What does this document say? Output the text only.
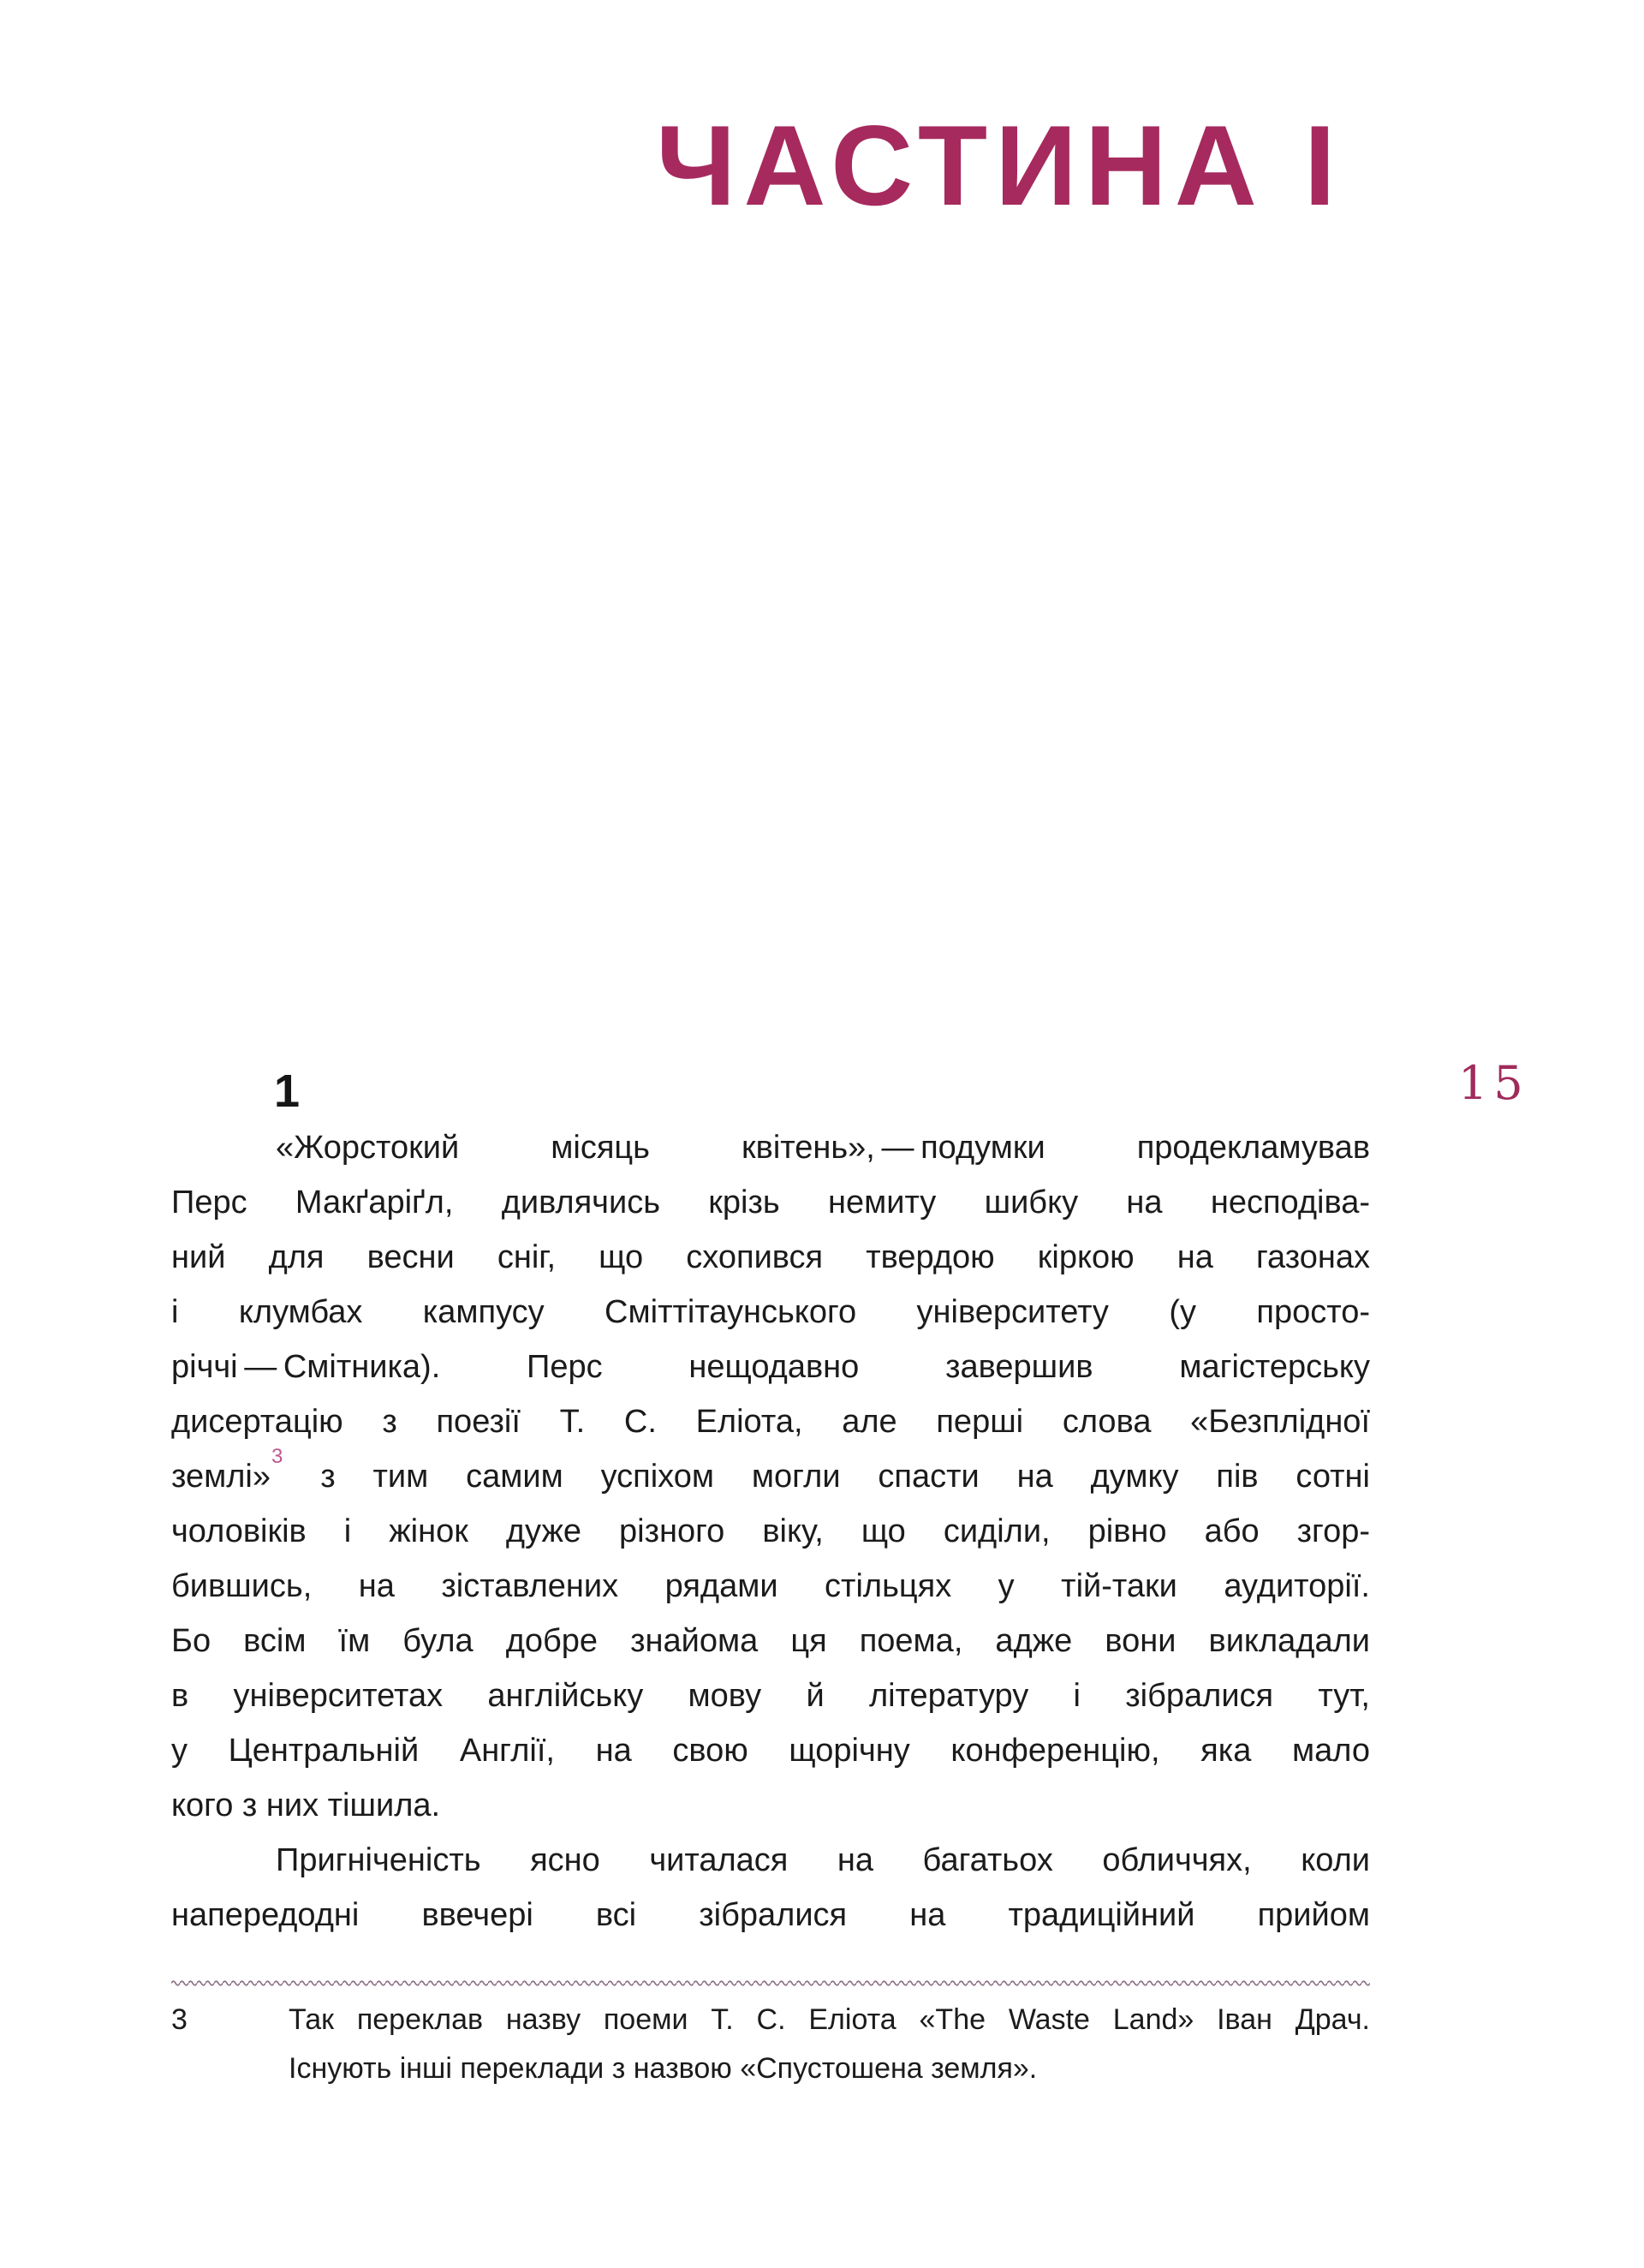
ЧАСТИНА І
1	15
«Жорстокий місяць квітень», — подумки продекламував
Перс Макґаріґл, дивлячись крізь немиту шибку на несподіва-
ний для весни сніг, що схопився твердою кіркою на газонах
і клумбах кампусу Сміттітаунського університету (у просто-
річчі — Смітника). Перс нещодавно завершив магістерську
дисертацію з поезії Т. С. Еліота, але перші слова «Безплідної
землі»$^3$ з тим самим успіхом могли спасти на думку пів сотні
чоловіків і жінок дуже різного віку, що сиділи, рівно або згор-
бившись, на зіставлених рядами стільцях у тій-таки аудиторії.
Бо всім їм була добре знайома ця поема, адже вони викладали
в університетах англійську мову й літературу і зібралися тут,
у Центральній Англії, на свою щорічну конференцію, яка мало
кого з них тішила.
Пригніченість ясно читалася на багатьох обличчях, коли
напередодні ввечері всі зібралися на традиційний прийом
3	Так переклав назву поеми Т. С. Еліота «The Waste Land» Іван Драч.
Існують інші переклади з назвою «Спустошена земля».
